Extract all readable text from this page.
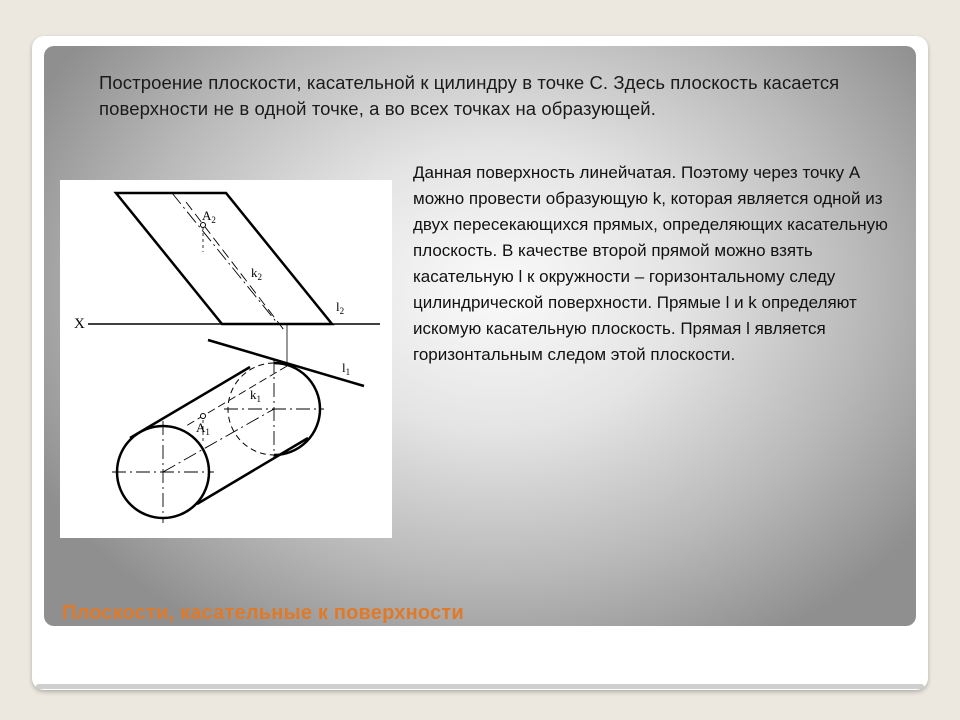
Построение плоскости, касательной к цилиндру в точке С. Здесь плоскость касается поверхности не в одной точке, а во всех точках на образующей.
X
$A_2$
$k_2$
$l_2$
$l_1$
$A_1$
$k_1$
Данная поверхность линейчатая. Поэтому через точку А можно провести образующую k, которая является одной из двух пересекающихся прямых, определяющих касательную плоскость. В качестве второй прямой можно взять касательную l к окружности – горизонтальному следу цилиндрической поверхности. Прямые l и k определяют искомую касательную плоскость. Прямая l является горизонтальным следом этой плоскости.
Плоскости, касательные к поверхности
